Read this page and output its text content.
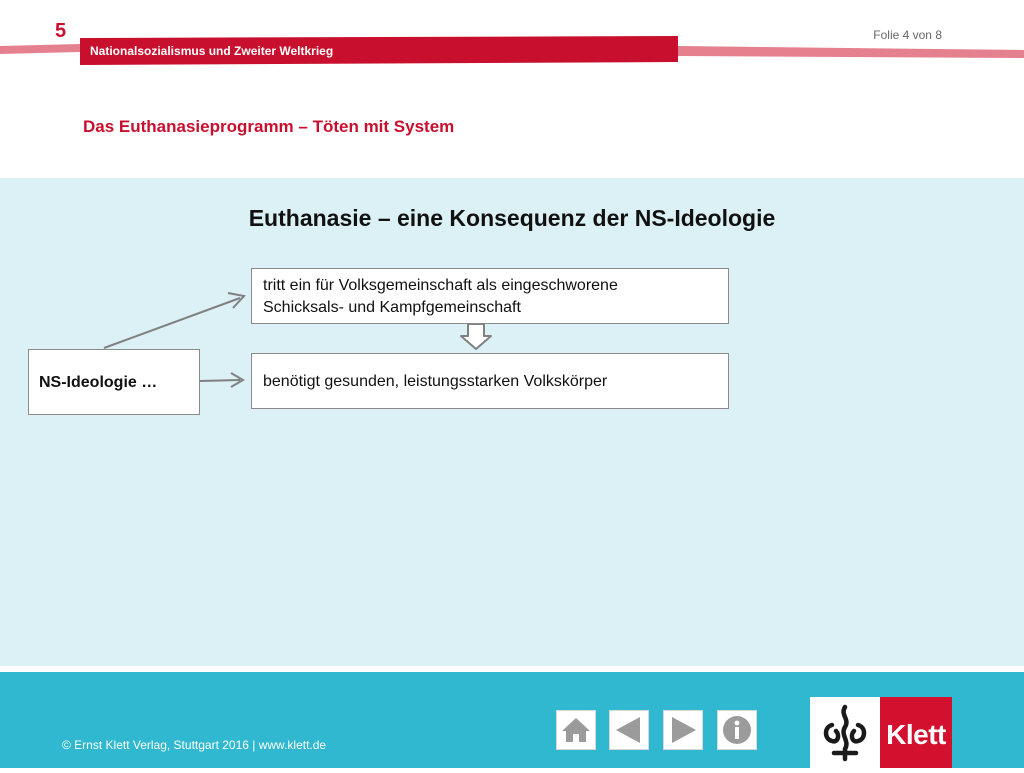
5	Folie 4 von 8
Nationalsozialismus und Zweiter Weltkrieg
Das Euthanasieprogramm – Töten mit System
Euthanasie – eine Konsequenz der NS-Ideologie
tritt ein für Volksgemeinschaft als eingeschworene
Schicksals- und Kampfgemeinschaft
benötigt gesunden, leistungsstarken Volkskörper
NS-Ideologie …
© Ernst Klett Verlag, Stuttgart 2016 | www.klett.de	Klett
